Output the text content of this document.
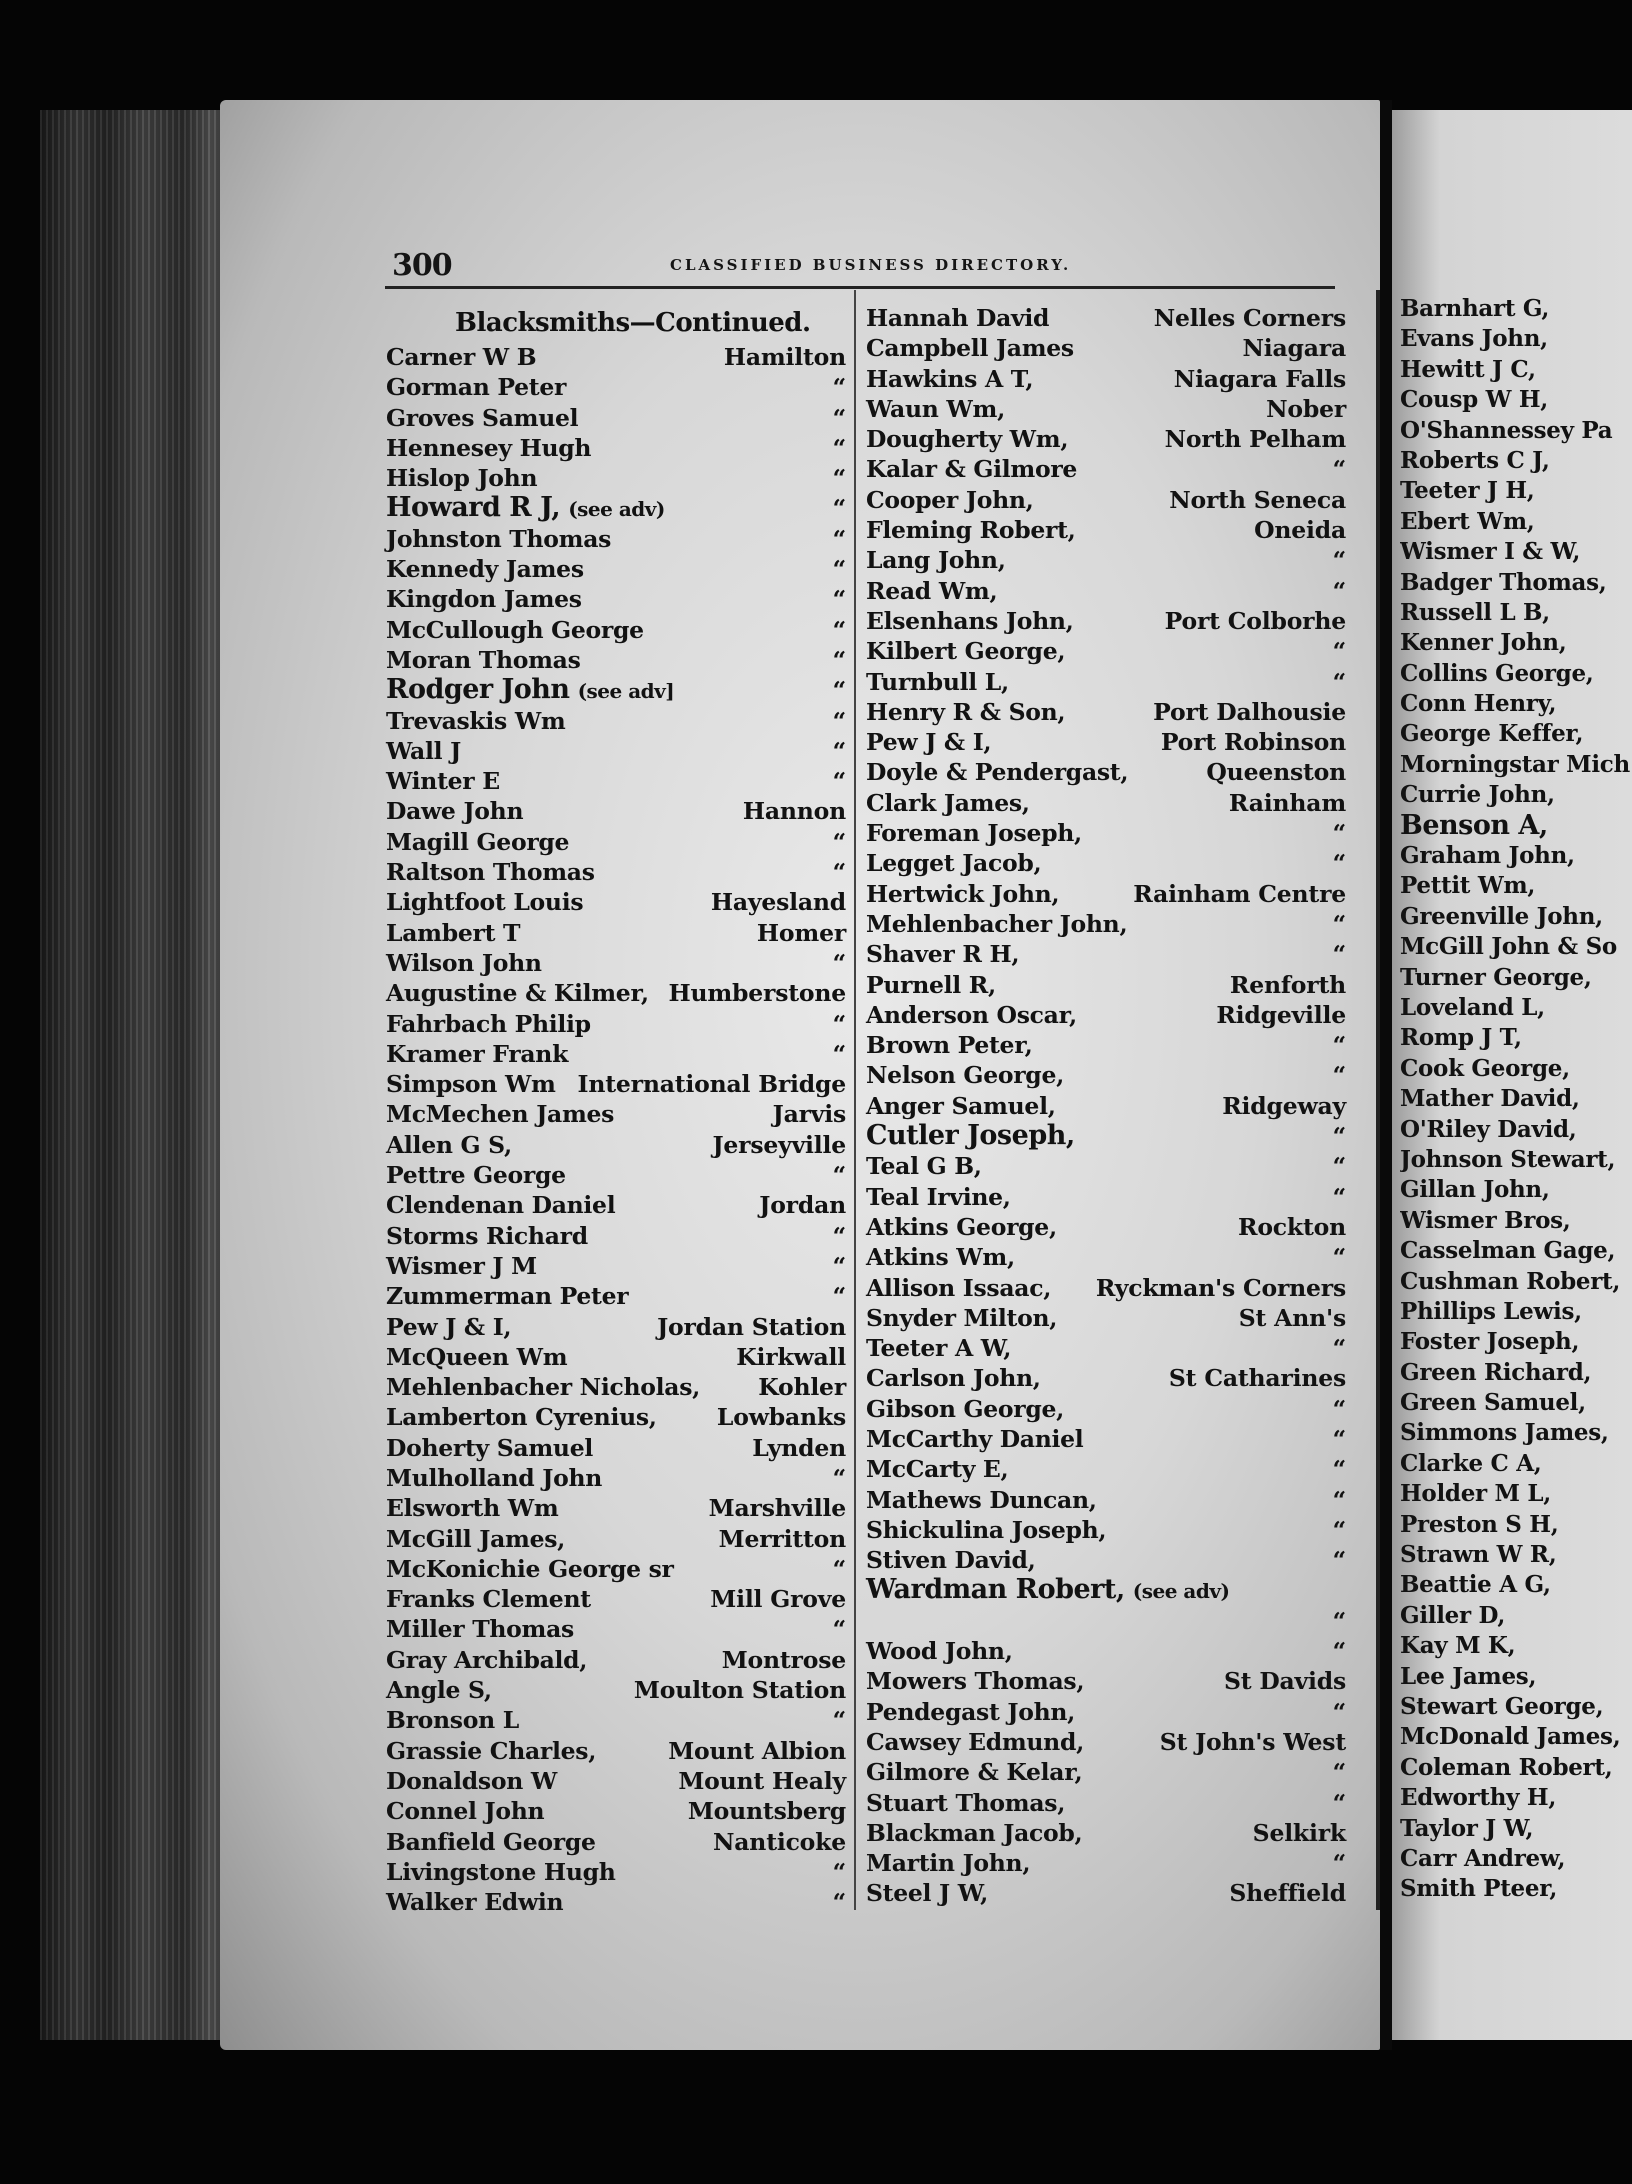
300	CLASSIFIED BUSINESS DIRECTORY.
Blacksmiths—Continued.
Carner W B	Hamilton
Gorman Peter	“
Groves Samuel	“
Hennesey Hugh	“
Hislop John	“
Howard R J, (see adv)	“
Johnston Thomas	“
Kennedy James	“
Kingdon James	“
McCullough George	“
Moran Thomas	“
Rodger John (see adv]	“
Trevaskis Wm	“
Wall J	“
Winter E	“
Dawe John	Hannon
Magill George	“
Raltson Thomas	“
Lightfoot Louis	Hayesland
Lambert T	Homer
Wilson John	“
Augustine & Kilmer, Humberstone
Fahrbach Philip	“
Kramer Frank	“
Simpson Wm International Bridge
McMechen James	Jarvis
Allen G S,	Jerseyville
Pettre George	“
Clendenan Daniel	Jordan
Storms Richard	“
Wismer J M	“
Zummerman Peter	“
Pew J & I,	Jordan Station
McQueen Wm	Kirkwall
Mehlenbacher Nicholas, Kohler
Lamberton Cyrenius,	Lowbanks
Doherty Samuel	Lynden
Mulholland John	“
Elsworth Wm	Marshville
McGill James,	Merritton
McKonichie George sr	“
Franks Clement	Mill Grove
Miller Thomas	“
Gray Archibald,	Montrose
Angle S,	Moulton Station
Bronson L	“
Grassie Charles,	Mount Albion
Donaldson W	Mount Healy
Connel John	Mountsberg
Banfield George	Nanticoke
Livingstone Hugh	“
Walker Edwin	“
Hannah David	Nelles Corners
Campbell James	Niagara
Hawkins A T,	Niagara Falls
Waun Wm,	Nober
Dougherty Wm,	North Pelham
Kalar & Gilmore	“
Cooper John,	North Seneca
Fleming Robert,	Oneida
Lang John,	“
Read Wm,	“
Elsenhans John,	Port Colborhe
Kilbert George,	“
Turnbull L,	“
Henry R & Son,	Port Dalhousie
Pew J & I,	Port Robinson
Doyle & Pendergast,	Queenston
Clark James,	Rainham
Foreman Joseph,	“
Legget Jacob,	“
Hertwick John,	Rainham Centre
Mehlenbacher John,	“
Shaver R H,	“
Purnell R,	Renforth
Anderson Oscar,	Ridgeville
Brown Peter,	“
Nelson George,	“
Anger Samuel,	Ridgeway
Cutler Joseph,	“
Teal G B,	“
Teal Irvine,	“
Atkins George,	Rockton
Atkins Wm,	“
Allison Issaac, Ryckman's Corners
Snyder Milton,	St Ann's
Teeter A W,	“
Carlson John,	St Catharines
Gibson George,	“
McCarthy Daniel	“
McCarty E,	“
Mathews Duncan,	“
Shickulina Joseph,	“
Stiven David,	“
Wardman Robert, (see adv)
“
Wood John,	“
Mowers Thomas,	St Davids
Pendegast John,	“
Cawsey Edmund,	St John's West
Gilmore & Kelar,	“
Stuart Thomas,	“
Blackman Jacob,	Selkirk
Martin John,	“
Steel J W,	Sheffield
Barnhart G,
Evans John,
Hewitt J C,
Cousp W H,
O'Shannessey Pa
Roberts C J,
Teeter J H,
Ebert Wm,
Wismer I & W,
Badger Thomas,
Russell L B,
Kenner John,
Collins George,
Conn Henry,
George Keffer,
Morningstar Mich
Currie John,
Benson A,
Graham John,
Pettit Wm,
Greenville John,
McGill John & So
Turner George,
Loveland L,
Romp J T,
Cook George,
Mather David,
O'Riley David,
Johnson Stewart,
Gillan John,
Wismer Bros,
Casselman Gage,
Cushman Robert,
Phillips Lewis,
Foster Joseph,
Green Richard,
Green Samuel,
Simmons James,
Clarke C A,
Holder M L,
Preston S H,
Strawn W R,
Beattie A G,
Giller D,
Kay M K,
Lee James,
Stewart George,
McDonald James,
Coleman Robert,
Edworthy H,
Taylor J W,
Carr Andrew,
Smith Pteer,
